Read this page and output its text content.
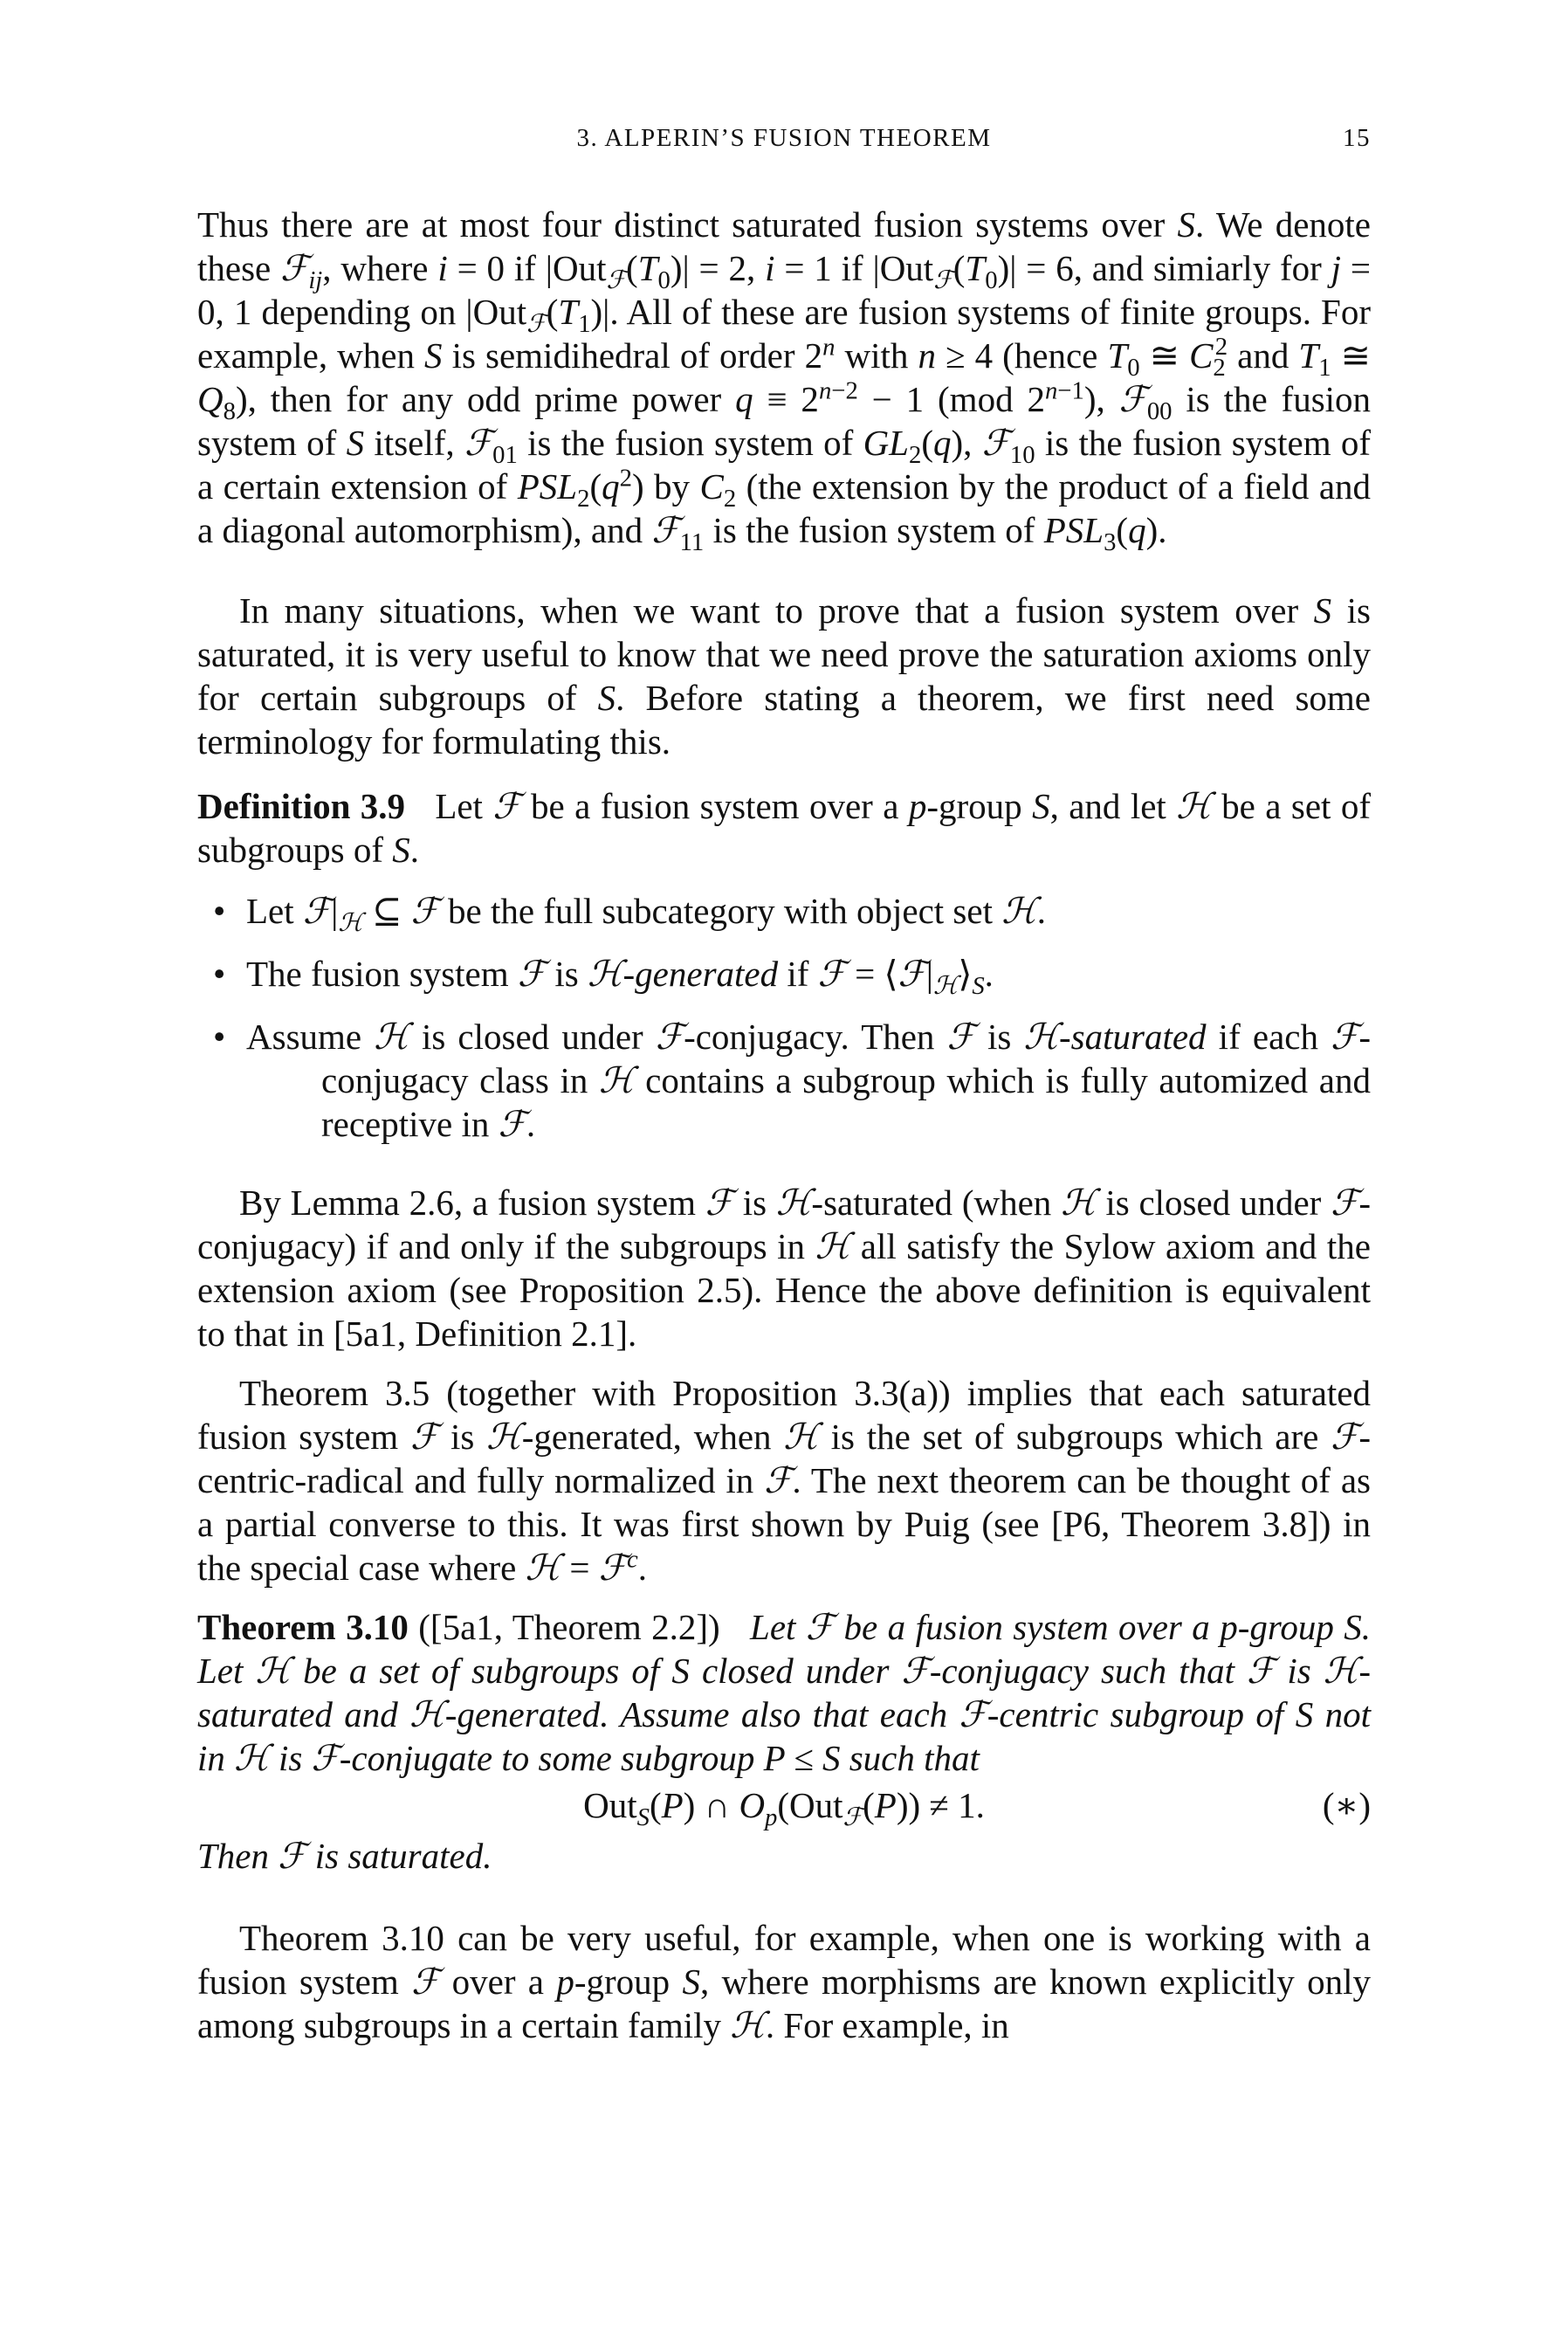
3. ALPERIN’S FUSION THEOREM	15

Thus there are at most four distinct saturated fusion systems over S. We denote these ℱ$_{ij}$, where i = 0 if $|Out_ℱ(T_0)| = 2$, i = 1 if $|Out_ℱ(T_0)| = 6$, and simiarly for j = 0, 1 depending on $|Out_ℱ(T_1)|$. All of these are fusion systems of finite groups. For example, when S is semidihedral of order 2$^n$ with n ≥ 4 (hence $T_0$ ≅ $C_2^2$ and $T_1$ ≅ $Q_8$), then for any odd prime power $q \equiv 2^{n-2} - 1$ (mod $2^{n-1}$), ℱ$_{00}$ is the fusion system of S itself, ℱ$_{01}$ is the fusion system of $GL_2(q)$, ℱ$_{10}$ is the fusion system of a certain extension of $PSL_2(q^2)$ by $C_2$ (the extension by the product of a field and a diagonal automorphism), and ℱ$_{11}$ is the fusion system of $PSL_3(q)$.

In many situations, when we want to prove that a fusion system over S is saturated, it is very useful to know that we need prove the saturation axioms only for certain subgroups of S. Before stating a theorem, we first need some terminology for formulating this.

Definition 3.9 Let ℱ be a fusion system over a p-group S, and let ℋ be a set of subgroups of S.

• Let $ℱ|_ℋ$ ⊆ ℱ be the full subcategory with object set ℋ.
• The fusion system ℱ is ℋ-generated if ℱ = $⟨ℱ|_ℋ⟩_S$.
• Assume ℋ is closed under ℱ-conjugacy. Then ℱ is ℋ-saturated if each ℱ-conjugacy class in ℋ contains a subgroup which is fully automized and receptive in ℱ.

By Lemma 2.6, a fusion system ℱ is ℋ-saturated (when ℋ is closed under ℱ-conjugacy) if and only if the subgroups in ℋ all satisfy the Sylow axiom and the extension axiom (see Proposition 2.5). Hence the above definition is equivalent to that in [5a1, Definition 2.1].

Theorem 3.5 (together with Proposition 3.3(a)) implies that each saturated fusion system ℱ is ℋ-generated, when ℋ is the set of subgroups which are ℱ-centric-radical and fully normalized in ℱ. The next theorem can be thought of as a partial converse to this. It was first shown by Puig (see [P6, Theorem 3.8]) in the special case where ℋ = ℱ$^c$.

Theorem 3.10 ([5a1, Theorem 2.2]) Let ℱ be a fusion system over a p-group S. Let ℋ be a set of subgroups of S closed under ℱ-conjugacy such that ℱ is ℋ-saturated and ℋ-generated. Assume also that each ℱ-centric subgroup of S not in ℋ is ℱ-conjugate to some subgroup P ≤ S such that

Out$_S$(P) ∩ $O_p(Out_ℱ(P)) \ne 1$.	(∗)

Then ℱ is saturated.

Theorem 3.10 can be very useful, for example, when one is working with a fusion system ℱ over a p-group S, where morphisms are known explicitly only among subgroups in a certain family ℋ. For example, in
